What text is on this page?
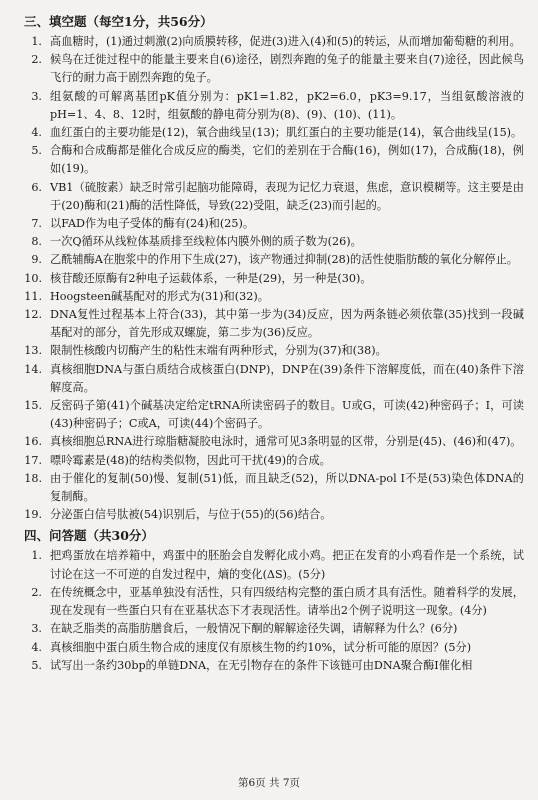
三、填空题（每空1分，共56分）
1. 高血糖时，(1)通过刺激(2)向质膜转移，促进(3)进入(4)和(5)的转运，从而增加葡萄糖的利用。
2. 候鸟在迁徙过程中的能量主要来自(6)途径，剧烈奔跑的兔子的能量主要来自(7)途径，因此候鸟飞行的耐力高于剧烈奔跑的兔子。
3. 组氨酸的可解离基团pK值分别为：pK1=1.82，pK2=6.0，pK3=9.17，当组氨酸溶液的pH=1、4、8、12时，组氨酸的静电荷分别为(8)、(9)、(10)、(11)。
4. 血红蛋白的主要功能是(12)，氧合曲线呈(13)；肌红蛋白的主要功能是(14)，氧合曲线呈(15)。
5. 合酶和合成酶都是催化合成反应的酶类，它们的差别在于合酶(16)，例如(17)，合成酶(18)，例如(19)。
6. VB1（硫胺素）缺乏时常引起脑功能障碍，表现为记忆力衰退，焦虑，意识模糊等。这主要是由于(20)酶和(21)酶的活性降低，导致(22)受阻，缺乏(23)而引起的。
7. 以FAD作为电子受体的酶有(24)和(25)。
8. 一次Q循环从线粒体基质排至线粒体内膜外侧的质子数为(26)。
9. 乙酰辅酶A在胞浆中的作用下生成(27)，该产物通过抑制(28)的活性使脂肪酸的氧化分解停止。
10. 核苷酸还原酶有2种电子运载体系，一种是(29)，另一种是(30)。
11. Hoogsteen碱基配对的形式为(31)和(32)。
12. DNA复性过程基本上符合(33)，其中第一步为(34)反应，因为两条链必须依靠(35)找到一段碱基配对的部分，首先形成双螺旋，第二步为(36)反应。
13. 限制性核酸内切酶产生的粘性末端有两种形式，分别为(37)和(38)。
14. 真核细胞DNA与蛋白质结合成核蛋白(DNP)，DNP在(39)条件下溶解度低，而在(40)条件下溶解度高。
15. 反密码子第(41)个碱基决定给定tRNA所读密码子的数目。U或G，可读(42)种密码子；I，可读(43)种密码子；C或A，可读(44)个密码子。
16. 真核细胞总RNA进行琼脂糖凝胶电泳时，通常可见3条明显的区带，分别是(45)、(46)和(47)。
17. 嘌呤霉素是(48)的结构类似物，因此可干扰(49)的合成。
18. 由于催化的复制(50)慢、复制(51)低，而且缺乏(52)，所以DNA-pol I不是(53)染色体DNA的复制酶。
19. 分泌蛋白信号肽被(54)识别后，与位于(55)的(56)结合。
四、问答题（共30分）
1. 把鸡蛋放在培养箱中，鸡蛋中的胚胎会自发孵化成小鸡。把正在发育的小鸡看作是一个系统，试讨论在这一不可逆的自发过程中，熵的变化(ΔS)。(5分)
2. 在传统概念中，亚基单独没有活性，只有四级结构完整的蛋白质才具有活性。随着科学的发展，现在发现有一些蛋白只有在亚基状态下才表现活性。请举出2个例子说明这一现象。(4分)
3. 在缺乏脂类的高脂肪膳食后，一般情况下酮的解解途径失调，请解释为什么？(6分)
4. 真核细胞中蛋白质生物合成的速度仅有原核生物的约10%，试分析可能的原因？(5分)
5. 试写出一条约30bp的单链DNA，在无引物存在的条件下该链可由DNA聚合酶I催化相
第6页 共 7页
